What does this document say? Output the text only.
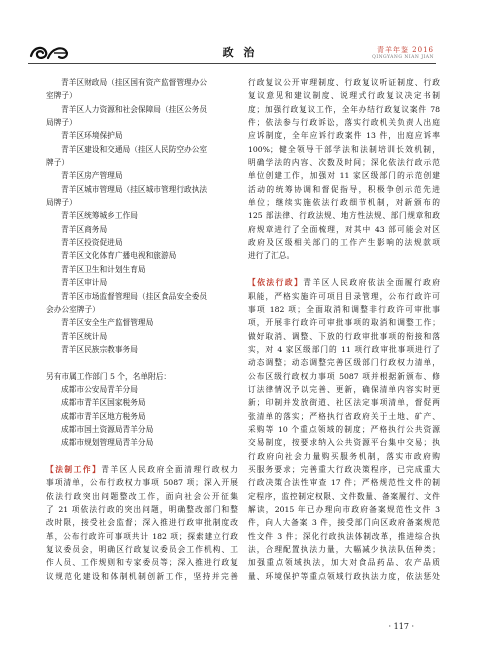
政 治	青羊年鉴 2016
QINGYANG NIAN JIAN
青羊区财政局（挂区国有资产监督管理办公
室牌子）
青羊区人力资源和社会保障局（挂区公务员
局牌子）
青羊区环境保护局
青羊区建设和交通局（挂区人民防空办公室
牌子）
青羊区房产管理局
青羊区城市管理局（挂区城市管理行政执法
局牌子）
青羊区统筹城乡工作局
青羊区商务局
青羊区投资促进局
青羊区文化体育广播电视和旅游局
青羊区卫生和计划生育局
青羊区审计局
青羊区市场监督管理局（挂区食品安全委员
会办公室牌子）
青羊区安全生产监督管理局
青羊区统计局
青羊区民族宗教事务局
另有市属工作部门 5 个，名单附后：
成都市公安局青羊分局
成都市青羊区国家税务局
成都市青羊区地方税务局
成都市国土资源局青羊分局
成都市规划管理局青羊分局
【法制工作】青羊区人民政府全面清理行政权力
事项清单，公布行政权力事项 5087 项；深入开展
依法行政突出问题整改工作，面向社会公开征集
了 21 项依法行政的突出问题，明确整改部门和整
改时限，接受社会监督；深入推进行政审批制度改
革，公布行政许可事项共计 182 项；探索建立行政
复议委员会，明确区行政复议委员会工作机构、工
作人员、工作规则和专家委员等；深入推进行政复
议规范化建设和体制机制创新工作，坚持并完善
行政复议公开审理制度、行政复议听证制度、行政
复议意见和建议制度、说理式行政复议决定书制
度；加强行政复议工作，全年办结行政复议案件 78
件；依法参与行政诉讼，落实行政机关负责人出庭
应诉制度，全年应诉行政案件 13 件，出庭应诉率
100%；健全领导干部学法和法制培训长效机制，
明确学法的内容、次数及时间；深化依法行政示范
单位创建工作，加强对 11 家区级部门的示范创建
活动的统筹协调和督促指导，积极争创示范先进
单位；继续实施依法行政细节机制，对新颁布的
125 部法律、行政法规、地方性法规、部门规章和政
府规章进行了全面梳理，对其中 43 部可能会对区
政府及区级相关部门的工作产生影响的法规款项
进行了汇总。
【依法行政】青羊区人民政府依法全面履行政府
职能，严格实施许可项目目录管理，公布行政许可
事项 182 项；全面取消和调整非行政许可审批事
项，开展非行政许可审批事项的取消和调整工作；
做好取消、调整、下放的行政审批事项的衔接和落
实，对 4 家区级部门的 11 项行政审批事项进行了
动态调整；动态调整完善区级部门行政权力清单，
公布区级行政权力事项 5087 项并根据新颁布、修
订法律情况予以完善、更新，确保清单内容实时更
新；印制并发放街道、社区法定事项清单，督促两
张清单的落实；严格执行省政府关于土地、矿产、
采购等 10 个重点领域的制度；严格执行公共资源
交易制度，按要求纳入公共资源平台集中交易；执
行政府向社会力量购买服务机制，落实市政府购
买服务要求；完善重大行政决策程序，已完成重大
行政决策合法性审查 17 件；严格规范性文件的制
定程序，监控制定权限、文件数量、备案履行、文件
解读，2015 年已办理向市政府备案规范性文件 3
件，向人大备案 3 件，接受部门向区政府备案规范
性文件 3 件；深化行政执法体制改革，推进综合执
法，合理配置执法力量，大幅减少执法队伍种类；
加强重点领域执法，加大对食品药品、农产品质
量、环境保护等重点领域行政执法力度，依法惩处
· 117 ·
